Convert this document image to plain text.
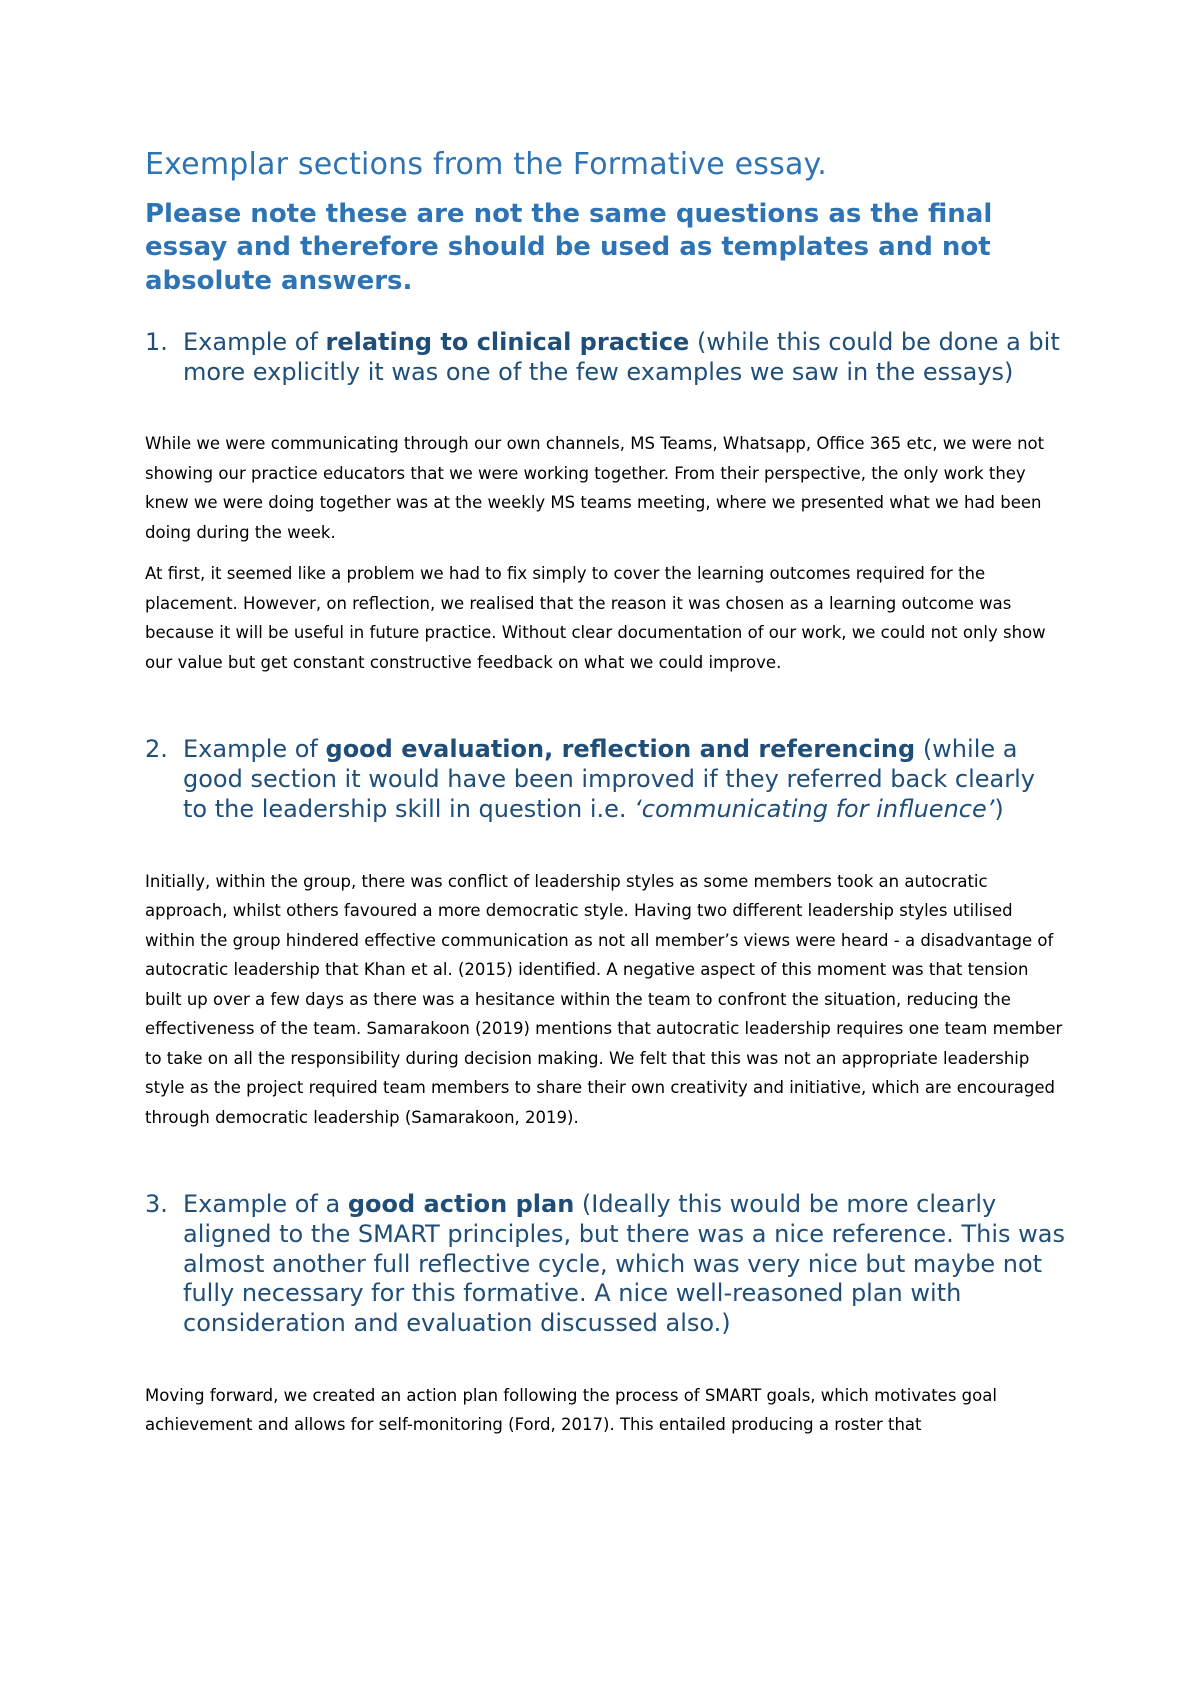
Exemplar sections from the Formative essay.

Please note these are not the same questions as the final essay and therefore should be used as templates and not absolute answers.

1. Example of relating to clinical practice (while this could be done a bit more explicitly it was one of the few examples we saw in the essays)

While we were communicating through our own channels, MS Teams, Whatsapp, Office 365 etc, we were not showing our practice educators that we were working together. From their perspective, the only work they knew we were doing together was at the weekly MS teams meeting, where we presented what we had been doing during the week.

At first, it seemed like a problem we had to fix simply to cover the learning outcomes required for the placement. However, on reflection, we realised that the reason it was chosen as a learning outcome was because it will be useful in future practice. Without clear documentation of our work, we could not only show our value but get constant constructive feedback on what we could improve.

2. Example of good evaluation, reflection and referencing (while a good section it would have been improved if they referred back clearly to the leadership skill in question i.e. ‘communicating for influence’)

Initially, within the group, there was conflict of leadership styles as some members took an autocratic approach, whilst others favoured a more democratic style. Having two different leadership styles utilised within the group hindered effective communication as not all member’s views were heard - a disadvantage of autocratic leadership that Khan et al. (2015) identified. A negative aspect of this moment was that tension built up over a few days as there was a hesitance within the team to confront the situation, reducing the effectiveness of the team. Samarakoon (2019) mentions that autocratic leadership requires one team member to take on all the responsibility during decision making. We felt that this was not an appropriate leadership style as the project required team members to share their own creativity and initiative, which are encouraged through democratic leadership (Samarakoon, 2019).

3. Example of a good action plan (Ideally this would be more clearly aligned to the SMART principles, but there was a nice reference. This was almost another full reflective cycle, which was very nice but maybe not fully necessary for this formative. A nice well-reasoned plan with consideration and evaluation discussed also.)

Moving forward, we created an action plan following the process of SMART goals, which motivates goal achievement and allows for self-monitoring (Ford, 2017). This entailed producing a roster that
